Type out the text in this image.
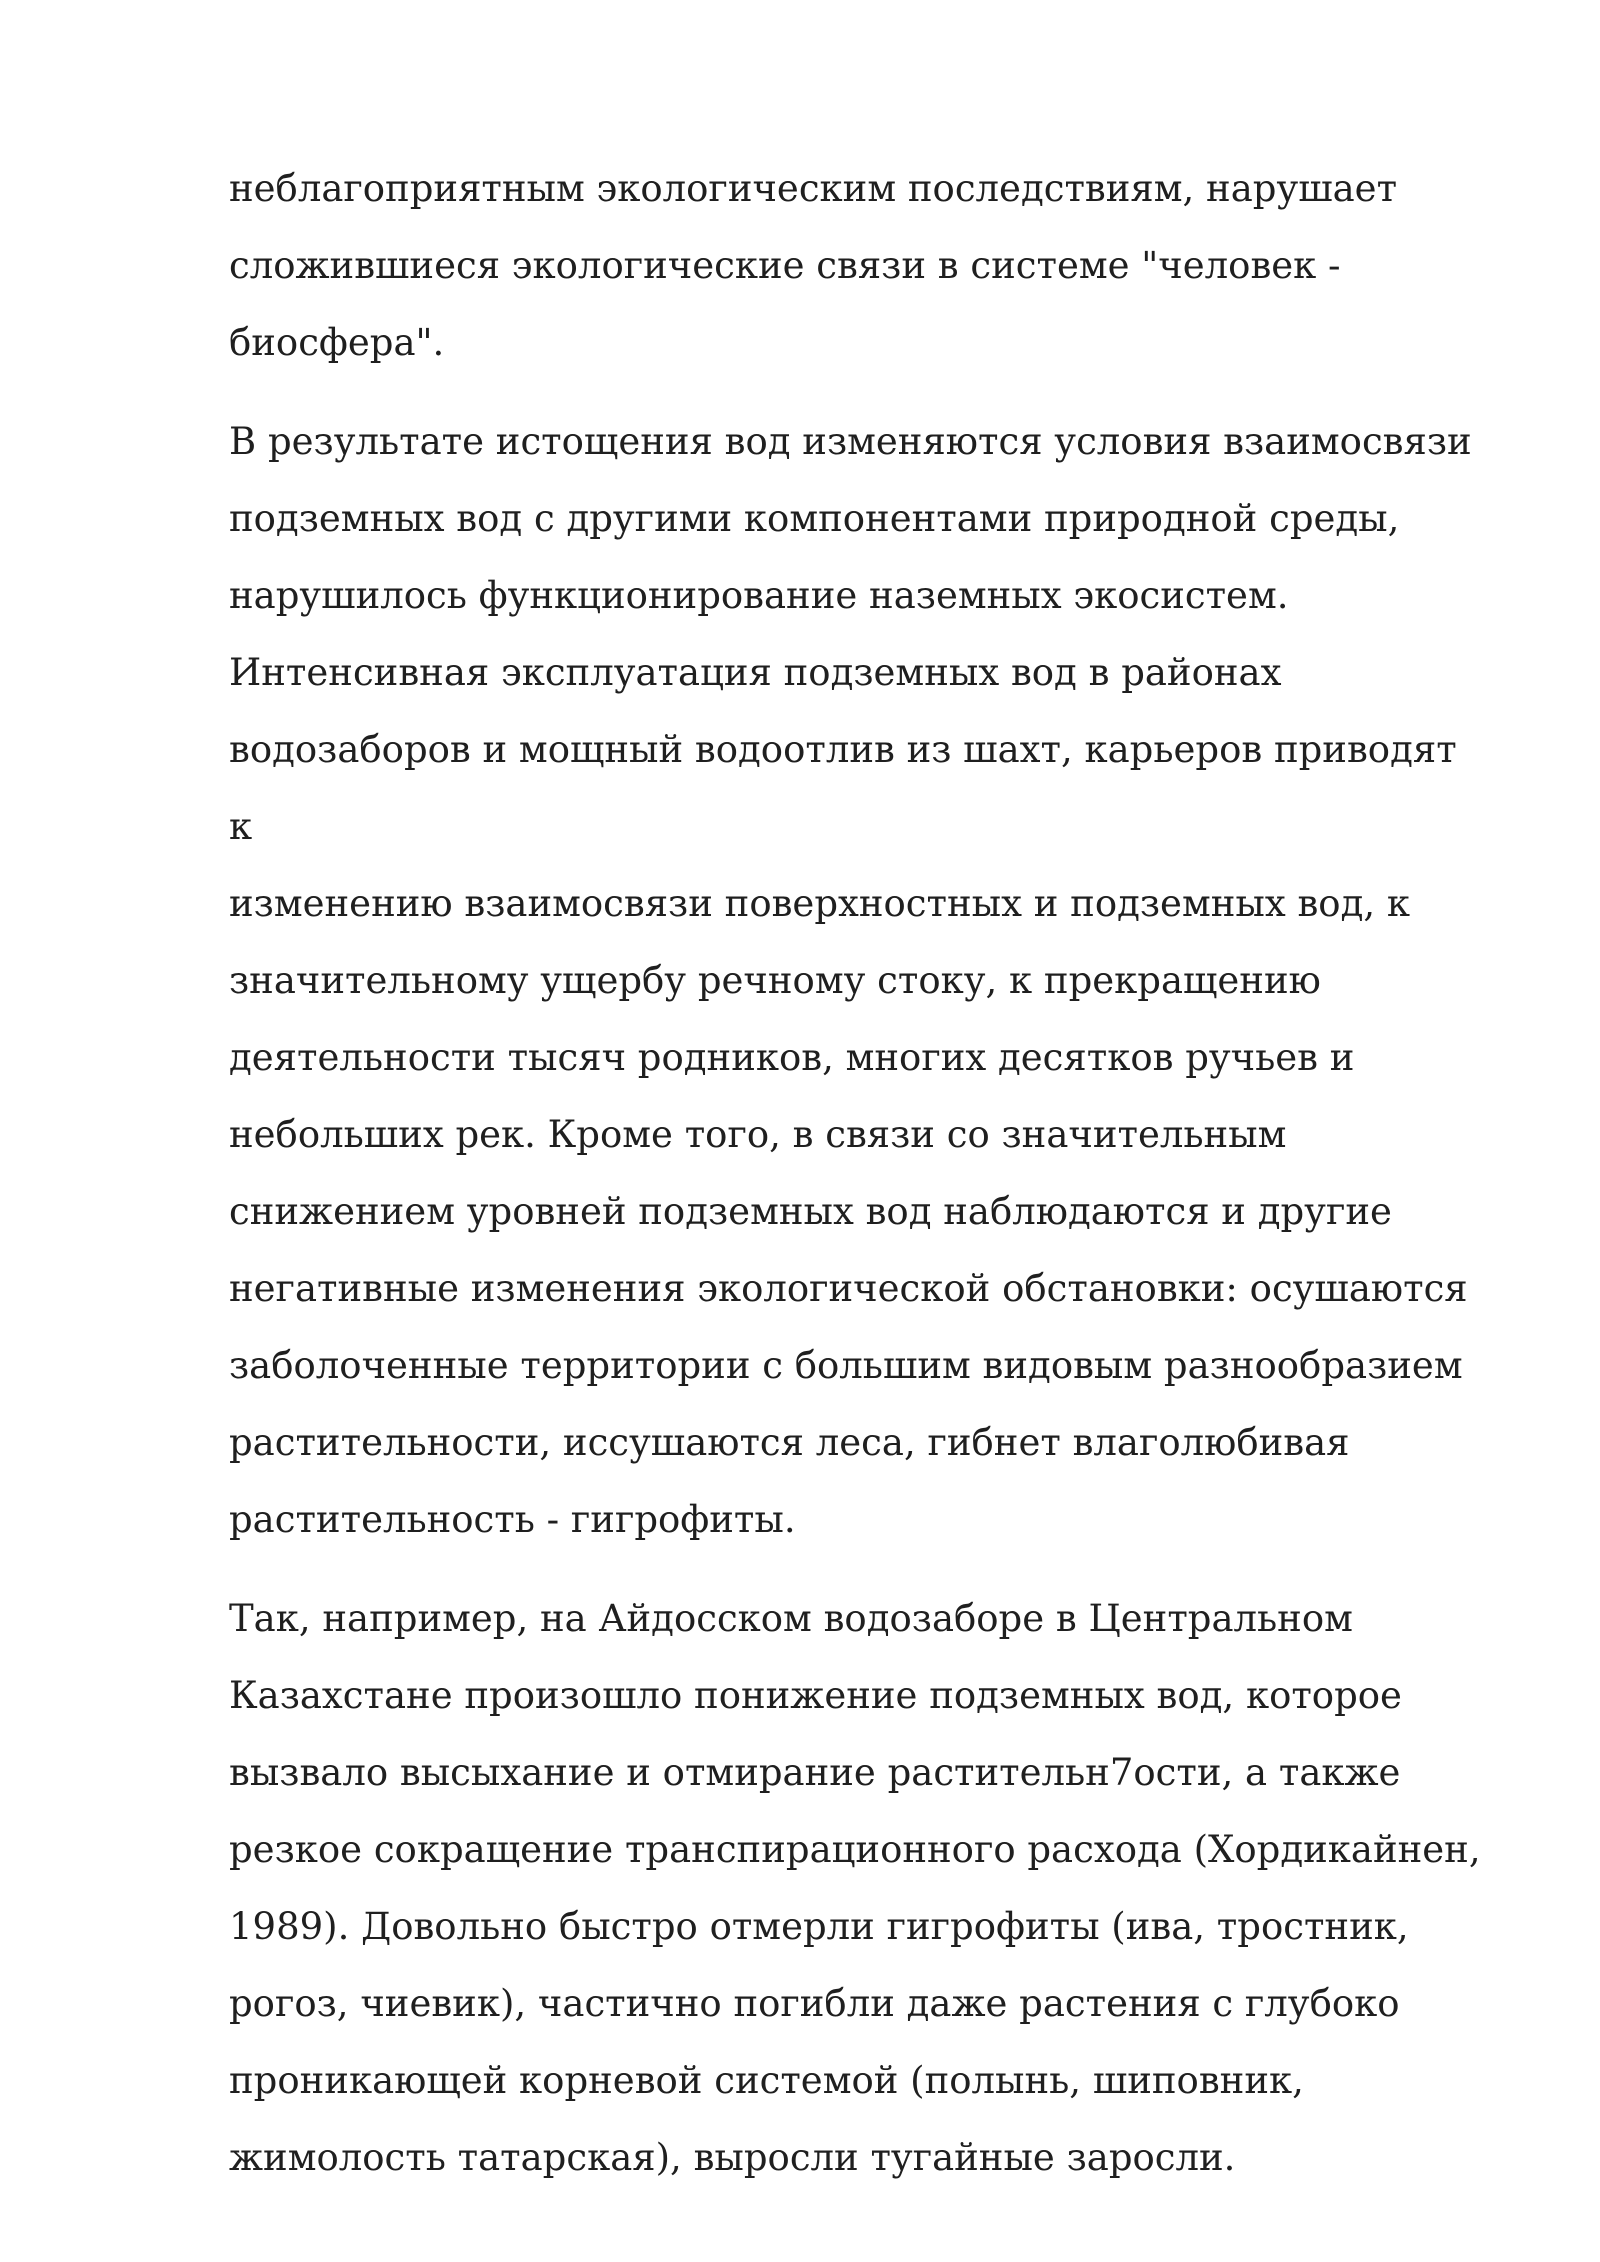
неблагоприятным экологическим последствиям, нарушает
сложившиеся экологические связи в системе "человек -
биосфера".

В результате истощения вод изменяются условия взаимосвязи
подземных вод с другими компонентами природной среды,
нарушилось функционирование наземных экосистем.
Интенсивная эксплуатация подземных вод в районах
водозаборов и мощный водоотлив из шахт, карьеров приводят к
изменению взаимосвязи поверхностных и подземных вод, к
значительному ущербу речному стоку, к прекращению
деятельности тысяч родников, многих десятков ручьев и
небольших рек. Кроме того, в связи со значительным
снижением уровней подземных вод наблюдаются и другие
негативные изменения экологической обстановки: осушаются
заболоченные территории с большим видовым разнообразием
растительности, иссушаются леса, гибнет влаголюбивая
растительность - гигрофиты.

Так, например, на Айдосском водозаборе в Центральном
Казахстане произошло понижение подземных вод, которое
вызвало высыхание и отмирание растительн7ости, а также
резкое сокращение транспирационного расхода (Хордикайнен,
1989). Довольно быстро отмерли гигрофиты (ива, тростник,
рогоз, чиевик), частично погибли даже растения с глубоко
проникающей корневой системой (полынь, шиповник,
жимолость татарская), выросли тугайные заросли.
